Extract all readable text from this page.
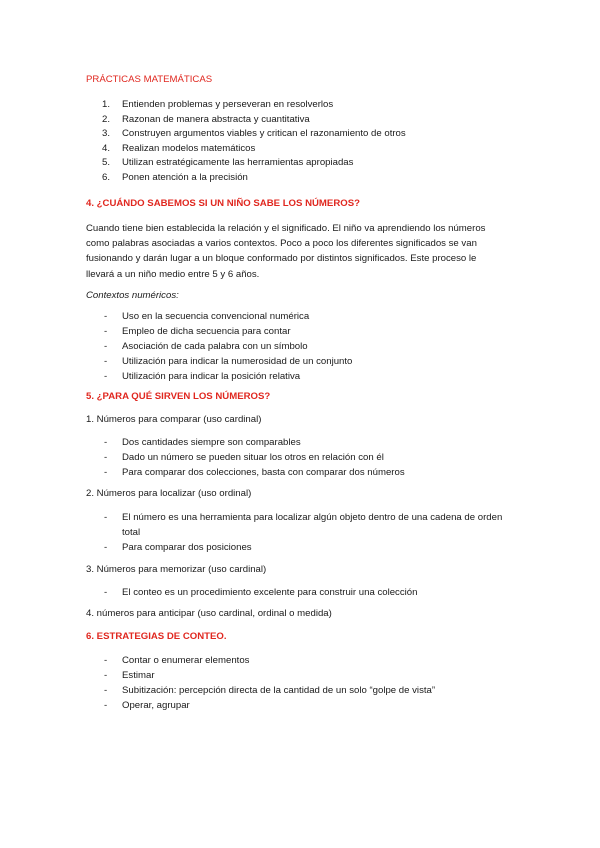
PRÁCTICAS MATEMÁTICAS
1.	Entienden problemas y perseveran en resolverlos
2.	Razonan de manera abstracta y cuantitativa
3.	Construyen argumentos viables y critican el razonamiento de otros
4.	Realizan modelos matemáticos
5.	Utilizan estratégicamente las herramientas apropiadas
6.	Ponen atención a la precisión
4. ¿CUÁNDO SABEMOS SI UN NIÑO SABE LOS NÚMEROS?
Cuando tiene bien establecida la relación y el significado. El niño va aprendiendo los números como palabras asociadas a varios contextos. Poco a poco los diferentes significados se van fusionando y darán lugar a un bloque conformado por distintos significados. Este proceso le llevará a un niño medio entre 5 y 6 años.
Contextos numéricos:
-	Uso en la secuencia convencional numérica
-	Empleo de dicha secuencia para contar
-	Asociación de cada palabra con un símbolo
-	Utilización para indicar la numerosidad de un conjunto
-	Utilización para indicar la posición relativa
5. ¿PARA QUÉ SIRVEN LOS NÚMEROS?
1. Números para comparar (uso cardinal)
-	Dos cantidades siempre son comparables
-	Dado un número se pueden situar los otros en relación con él
-	Para comparar dos colecciones, basta con comparar dos números
2. Números para localizar (uso ordinal)
-	El número es una herramienta para localizar algún objeto dentro de una cadena de orden total
-	Para comparar dos posiciones
3. Números para memorizar (uso cardinal)
-	El conteo es un procedimiento excelente para construir una colección
4. números para anticipar (uso cardinal, ordinal o medida)
6. ESTRATEGIAS DE CONTEO.
-	Contar o enumerar elementos
-	Estimar
-	Subitización: percepción directa de la cantidad de un solo “golpe de vista”
-	Operar, agrupar
